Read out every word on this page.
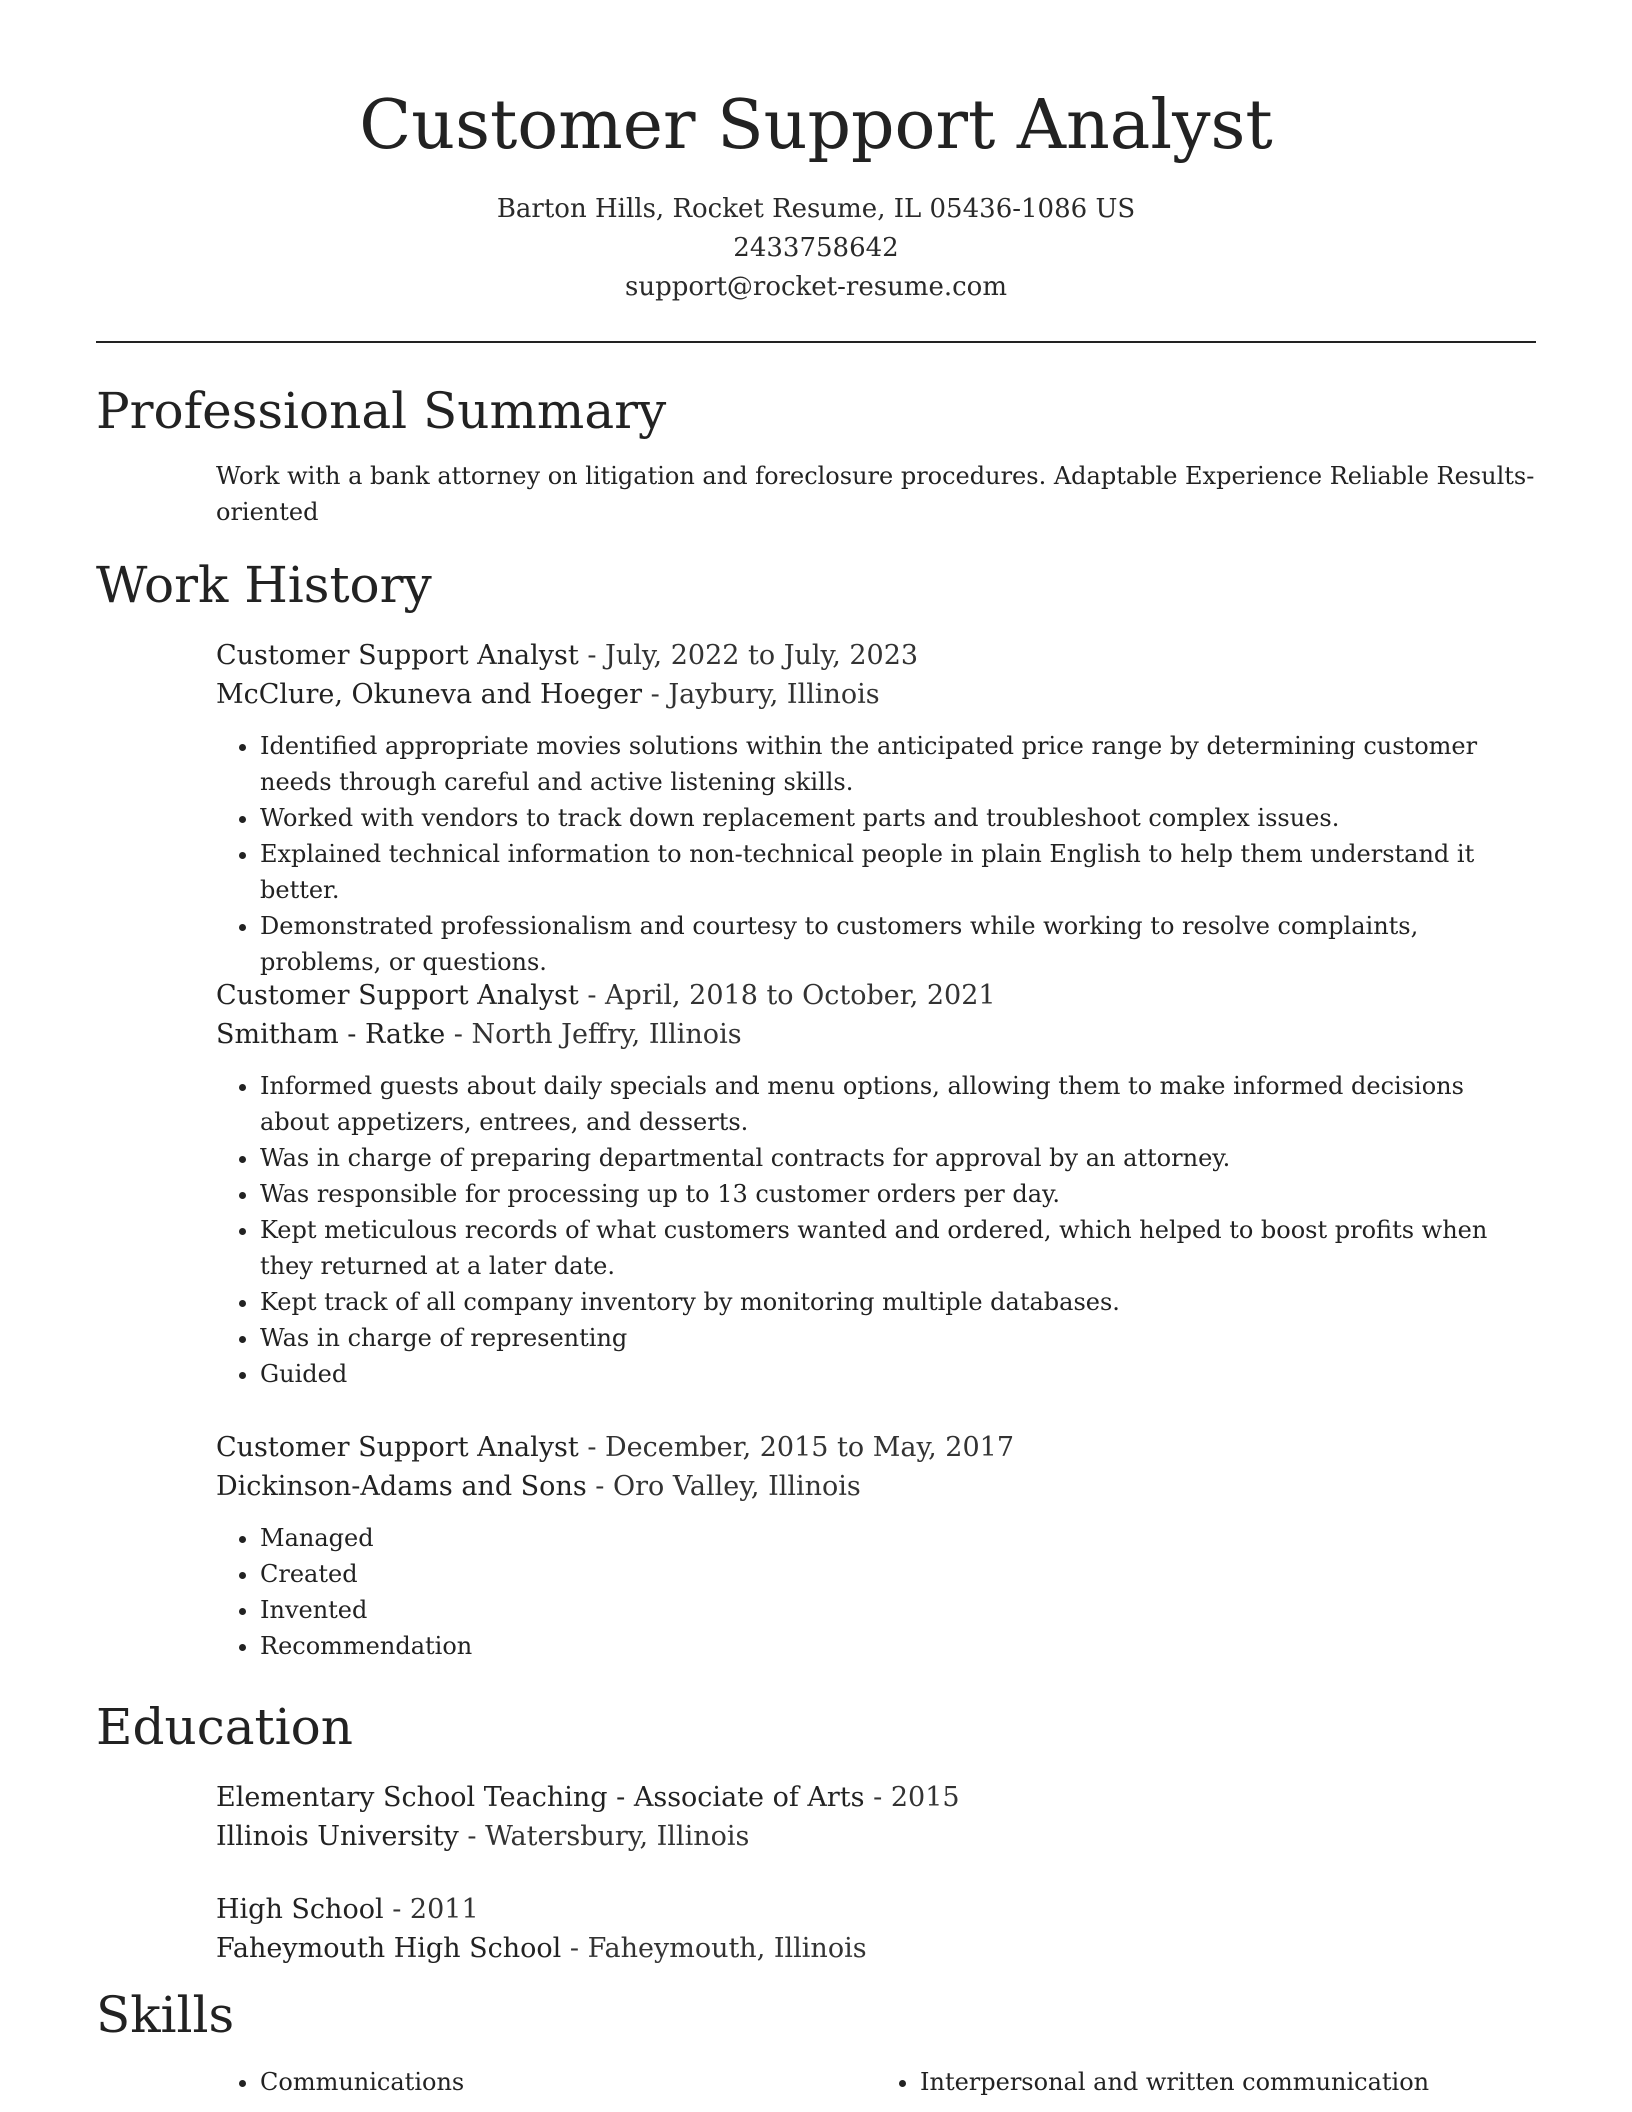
Customer Support Analyst
Barton Hills, Rocket Resume, IL 05436-1086 US
2433758642
support@rocket-resume.com
Professional Summary
Work with a bank attorney on litigation and foreclosure procedures. Adaptable Experience Reliable Results-oriented
Work History
Customer Support Analyst - July, 2022 to July, 2023
McClure, Okuneva and Hoeger - Jaybury, Illinois
• Identified appropriate movies solutions within the anticipated price range by determining customer needs through careful and active listening skills.
• Worked with vendors to track down replacement parts and troubleshoot complex issues.
• Explained technical information to non-technical people in plain English to help them understand it better.
• Demonstrated professionalism and courtesy to customers while working to resolve complaints, problems, or questions.
Customer Support Analyst - April, 2018 to October, 2021
Smitham - Ratke - North Jeffry, Illinois
• Informed guests about daily specials and menu options, allowing them to make informed decisions about appetizers, entrees, and desserts.
• Was in charge of preparing departmental contracts for approval by an attorney.
• Was responsible for processing up to 13 customer orders per day.
• Kept meticulous records of what customers wanted and ordered, which helped to boost profits when they returned at a later date.
• Kept track of all company inventory by monitoring multiple databases.
• Was in charge of representing
• Guided
Customer Support Analyst - December, 2015 to May, 2017
Dickinson-Adams and Sons - Oro Valley, Illinois
• Managed
• Created
• Invented
• Recommendation
Education
Elementary School Teaching - Associate of Arts - 2015
Illinois University - Watersbury, Illinois
High School - 2011
Faheymouth High School - Faheymouth, Illinois
Skills
• Communications
•	Interpersonal and written communication
